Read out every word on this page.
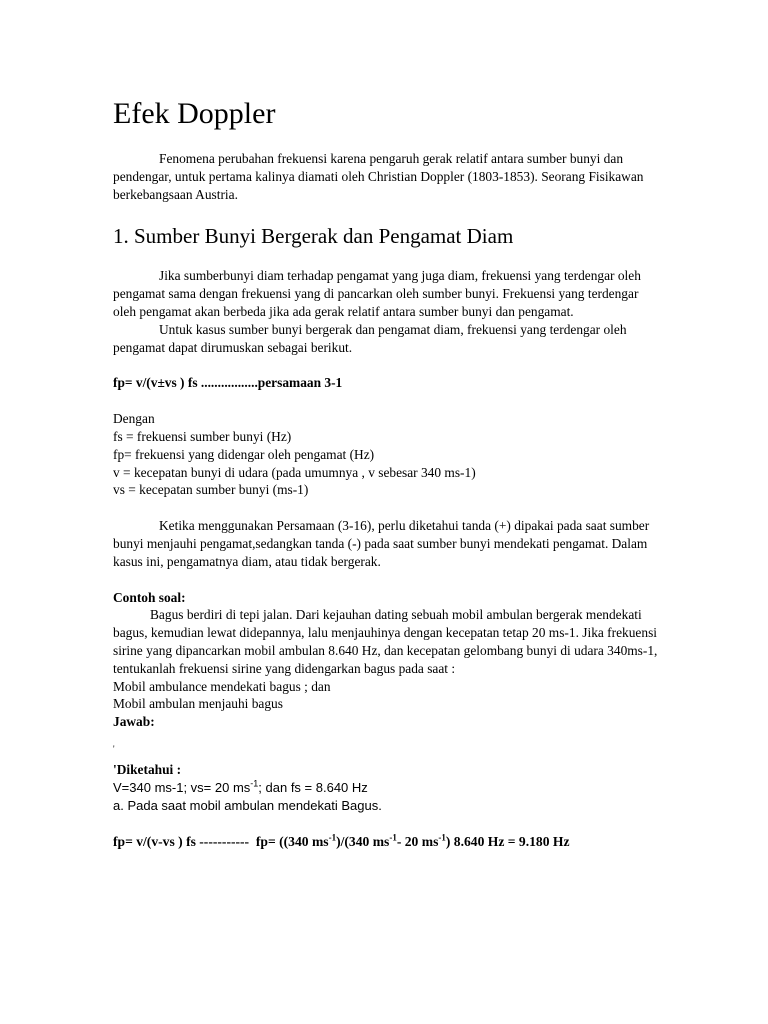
Efek Doppler

Fenomena perubahan frekuensi karena pengaruh gerak relatif antara sumber bunyi dan pendengar, untuk pertama kalinya diamati oleh Christian Doppler (1803-1853). Seorang Fisikawan berkebangsaan Austria.

1. Sumber Bunyi Bergerak dan Pengamat Diam

Jika sumberbunyi diam terhadap pengamat yang juga diam, frekuensi yang terdengar oleh pengamat sama dengan frekuensi yang di pancarkan oleh sumber bunyi. Frekuensi yang terdengar oleh pengamat akan berbeda jika ada gerak relatif antara sumber bunyi dan pengamat.

Untuk kasus sumber bunyi bergerak dan pengamat diam, frekuensi yang terdengar oleh pengamat dapat dirumuskan sebagai berikut.

fp= v/(v±vs ) fs .................persamaan 3-1

Dengan

fs = frekuensi sumber bunyi (Hz)

fp= frekuensi yang didengar oleh pengamat (Hz)

v = kecepatan bunyi di udara (pada umumnya , v sebesar 340 ms-1)

vs = kecepatan sumber bunyi (ms-1)

Ketika menggunakan Persamaan (3-16), perlu diketahui tanda (+) dipakai pada saat sumber bunyi menjauhi pengamat,sedangkan tanda (-) pada saat sumber bunyi mendekati pengamat. Dalam kasus ini, pengamatnya diam, atau tidak bergerak.

Contoh soal:

Bagus berdiri di tepi jalan. Dari kejauhan dating sebuah mobil ambulan bergerak mendekati bagus, kemudian lewat didepannya, lalu menjauhinya dengan kecepatan tetap 20 ms-1. Jika frekuensi sirine yang dipancarkan mobil ambulan 8.640 Hz, dan kecepatan gelombang bunyi di udara 340ms-1, tentukanlah frekuensi sirine yang didengarkan bagus pada saat :

Mobil ambulance mendekati bagus ; dan

Mobil ambulan menjauhi bagus

Jawab:

'

'Diketahui :

V=340 ms-1; vs= 20 $ms^{-1}$; dan fs = 8.640 Hz

a. Pada saat mobil ambulan mendekati Bagus.

fp= v/(v-vs ) fs -----------  fp= ((340 $ms^{-1})/(340$ $ms^{-1}-$ 20 $ms^{-1}$) 8.640 Hz = 9.180 Hz
